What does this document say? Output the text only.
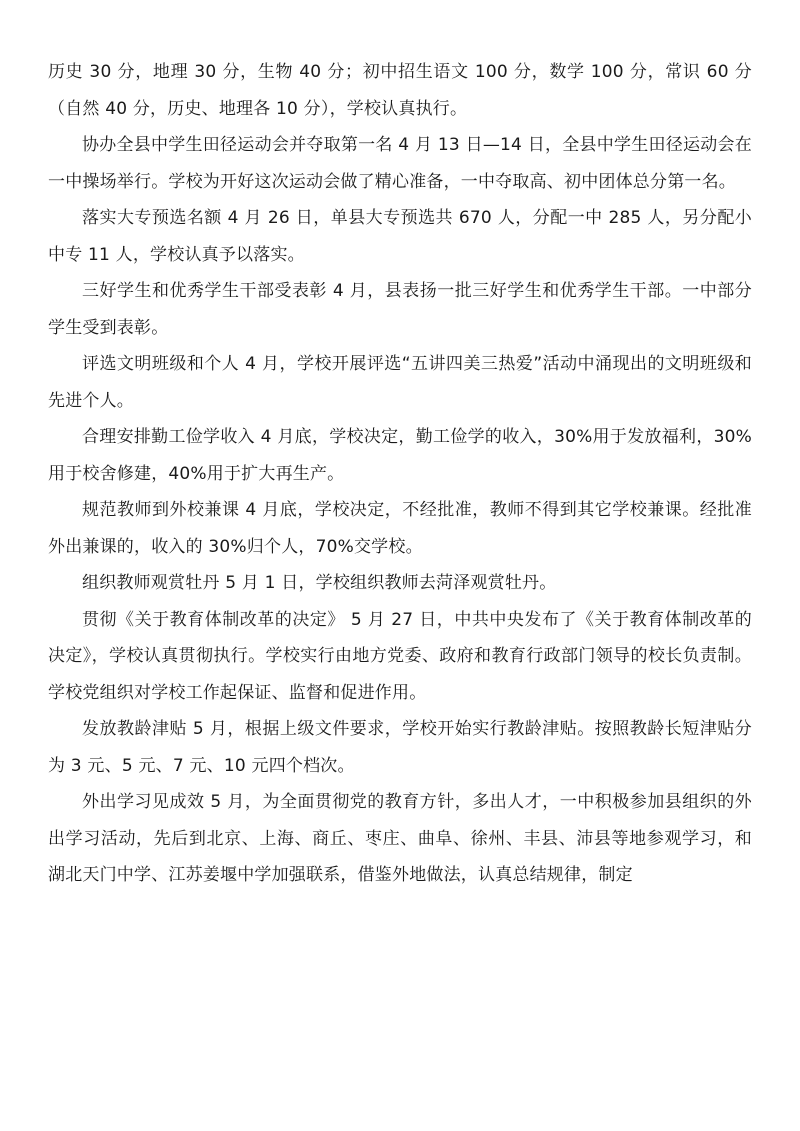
历史 30 分，地理 30 分，生物 40 分；初中招生语文 100 分，数学 100 分，常识 60 分（自然 40 分，历史、地理各 10 分），学校认真执行。

协办全县中学生田径运动会并夺取第一名 4 月 13 日—14 日，全县中学生田径运动会在一中操场举行。学校为开好这次运动会做了精心准备，一中夺取高、初中团体总分第一名。

落实大专预选名额 4 月 26 日，单县大专预选共 670 人，分配一中 285 人，另分配小中专 11 人，学校认真予以落实。

三好学生和优秀学生干部受表彰 4 月，县表扬一批三好学生和优秀学生干部。一中部分学生受到表彰。

评选文明班级和个人 4 月，学校开展评选“五讲四美三热爱”活动中涌现出的文明班级和先进个人。

合理安排勤工俭学收入 4 月底，学校决定，勤工俭学的收入，30%用于发放福利，30%用于校舍修建，40%用于扩大再生产。

规范教师到外校兼课 4 月底，学校决定，不经批准，教师不得到其它学校兼课。经批准外出兼课的，收入的 30%归个人，70%交学校。

组织教师观赏牡丹 5 月 1 日，学校组织教师去菏泽观赏牡丹。

贯彻《关于教育体制改革的决定》 5 月 27 日，中共中央发布了《关于教育体制改革的决定》，学校认真贯彻执行。学校实行由地方党委、政府和教育行政部门领导的校长负责制。学校党组织对学校工作起保证、监督和促进作用。

发放教龄津贴 5 月，根据上级文件要求，学校开始实行教龄津贴。按照教龄长短津贴分为 3 元、5 元、7 元、10 元四个档次。

外出学习见成效 5 月，为全面贯彻党的教育方针，多出人才，一中积极参加县组织的外出学习活动，先后到北京、上海、商丘、枣庄、曲阜、徐州、丰县、沛县等地参观学习，和湖北天门中学、江苏姜堰中学加强联系，借鉴外地做法，认真总结规律，制定
